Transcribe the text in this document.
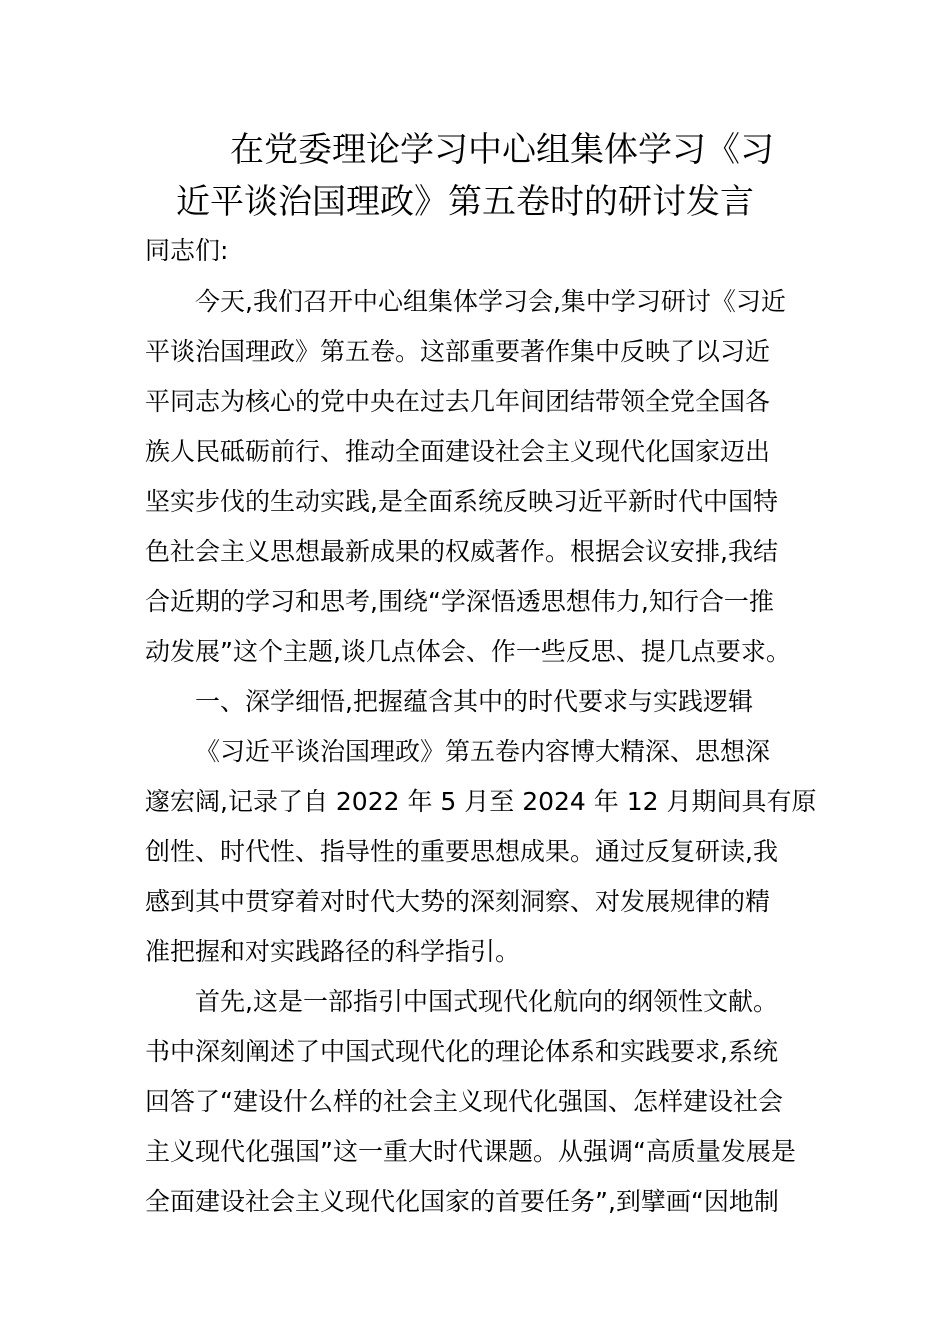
在党委理论学习中心组集体学习《习
近平谈治国理政》第五卷时的研讨发言
同志们:
今天,我们召开中心组集体学习会,集中学习研讨《习近
平谈治国理政》第五卷。这部重要著作集中反映了以习近
平同志为核心的党中央在过去几年间团结带领全党全国各
族人民砥砺前行、推动全面建设社会主义现代化国家迈出
坚实步伐的生动实践,是全面系统反映习近平新时代中国特
色社会主义思想最新成果的权威著作。根据会议安排,我结
合近期的学习和思考,围绕“学深悟透思想伟力,知行合一推
动发展”这个主题,谈几点体会、作一些反思、提几点要求。
一、深学细悟,把握蕴含其中的时代要求与实践逻辑
《习近平谈治国理政》第五卷内容博大精深、思想深
邃宏阔,记录了自 2022 年 5 月至 2024 年 12 月期间具有原
创性、时代性、指导性的重要思想成果。通过反复研读,我
感到其中贯穿着对时代大势的深刻洞察、对发展规律的精
准把握和对实践路径的科学指引。
首先,这是一部指引中国式现代化航向的纲领性文献。
书中深刻阐述了中国式现代化的理论体系和实践要求,系统
回答了“建设什么样的社会主义现代化强国、怎样建设社会
主义现代化强国”这一重大时代课题。从强调“高质量发展是
全面建设社会主义现代化国家的首要任务”,到擘画“因地制
